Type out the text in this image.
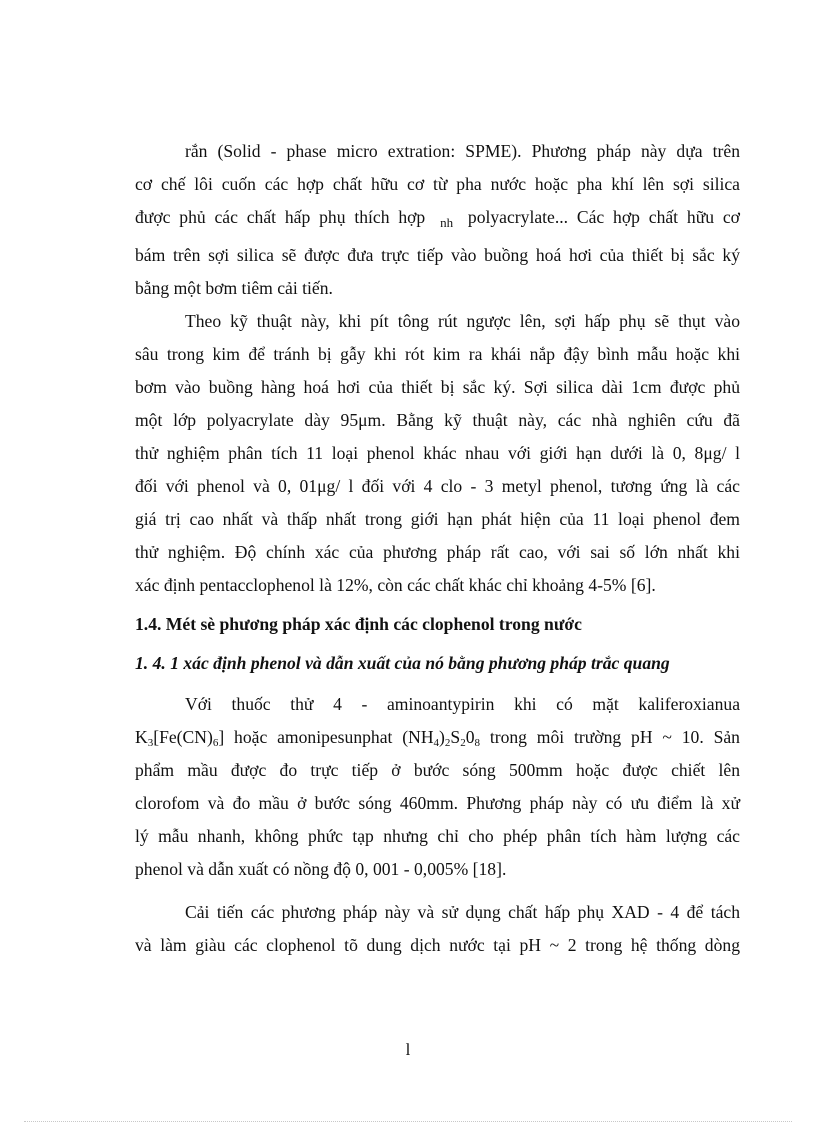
rắn (Solid - phase micro extration: SPME). Phương pháp này dựa trên
cơ chế lôi cuốn các hợp chất hữu cơ từ pha nước hoặc pha khí lên sợi silica
được phủ các chất hấp phụ thích hợp nh polyacrylate... Các hợp chất hữu cơ
bám trên sợi silica sẽ được đưa trực tiếp vào buồng hoá hơi của thiết bị sắc ký
bằng một bơm tiêm cải tiến.
Theo kỹ thuật này, khi pít tông rút ngược lên, sợi hấp phụ sẽ thụt vào
sâu trong kim để tránh bị gẫy khi rót kim ra khái nắp đậy bình mẫu hoặc khi
bơm vào buồng hàng hoá hơi của thiết bị sắc ký. Sợi silica dài 1cm được phủ
một lớp polyacrylate dày 95μm. Bằng kỹ thuật này, các nhà nghiên cứu đã
thử nghiệm phân tích 11 loại phenol khác nhau với giới hạn dưới là 0, 8μg/ l
đối với phenol và 0, 01μg/ l đối với 4 clo - 3 metyl phenol, tương ứng là các
giá trị cao nhất và thấp nhất trong giới hạn phát hiện của 11 loại phenol đem
thử nghiệm. Độ chính xác của phương pháp rất cao, với sai số lớn nhất khi
xác định pentacclophenol là 12%, còn các chất khác chỉ khoảng 4-5% [6].
1.4. Mét sè phương pháp xác định các clophenol trong nước
1. 4. 1 xác định phenol và dẫn xuất của nó bằng phương pháp trắc quang
Với thuốc thử 4 - aminoantypirin khi có mặt kaliferoxianua
$K_3[Fe(CN)_6]$ hoặc amonipesunphat $(NH_4)_2S_20_8$ trong môi trường pH ~ 10. Sản
phẩm mầu được đo trực tiếp ở bước sóng 500mm hoặc được chiết lên
clorofom và đo mầu ở bước sóng 460mm. Phương pháp này có ưu điểm là xử
lý mẫu nhanh, không phức tạp nhưng chỉ cho phép phân tích hàm lượng các
phenol và dẫn xuất có nồng độ 0, 001 - 0,005% [18].
Cải tiến các phương pháp này và sử dụng chất hấp phụ XAD - 4 để tách
và làm giàu các clophenol tõ dung dịch nước tại pH ~ 2 trong hệ thống dòng
l
